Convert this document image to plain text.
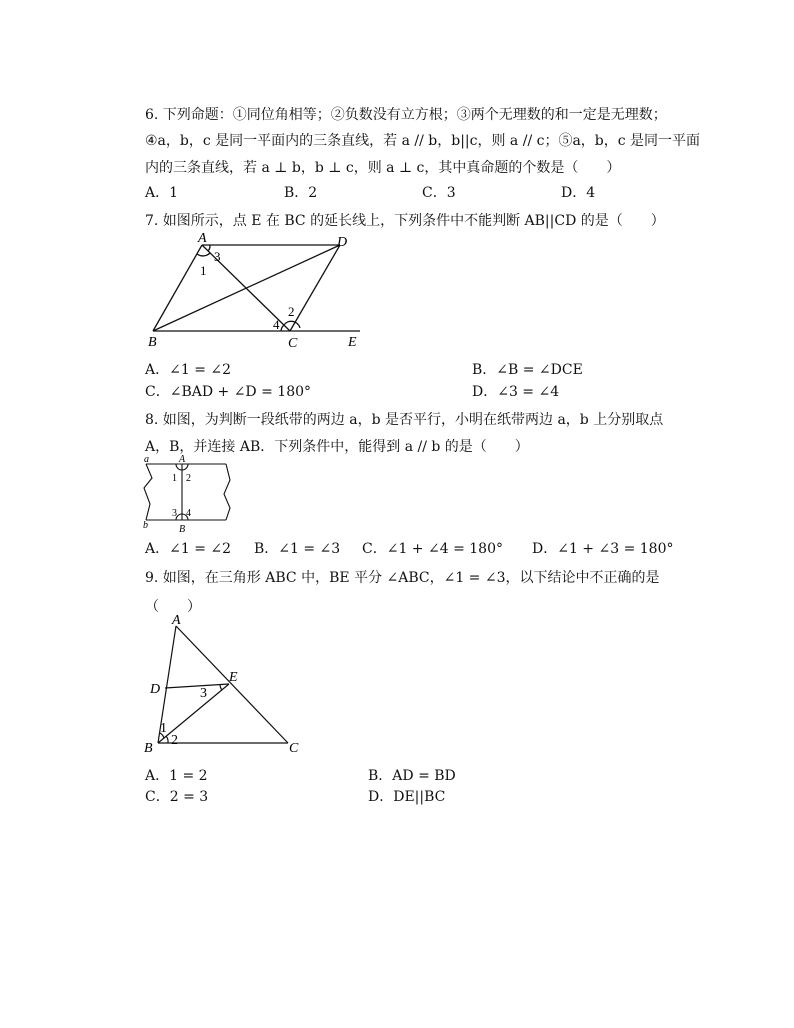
6. 下列命题：①同位角相等；②负数没有立方根；③两个无理数的和一定是无理数；
④a，b，c 是同一平面内的三条直线，若 a // b，b||c，则 a // c；⑤a，b，c 是同一平面
内的三条直线，若 a ⊥ b，b ⊥ c，则 a ⊥ c，其中真命题的个数是（　　）
A．1	B．2	C．3	D．4
7. 如图所示，点 E 在 BC 的延长线上，下列条件中不能判断 AB||CD 的是（　　）
A	D
B	C	E
1
3
2
4
A．∠1 = ∠2	B．∠B = ∠DCE
C．∠BAD + ∠D = 180°	D．∠3 = ∠4
8. 如图，为判断一段纸带的两边 a，b 是否平行，小明在纸带两边 a，b 上分别取点
A，B，并连接 AB．下列条件中，能得到 a // b 的是（　　）
a
b
A
B
1 2
3 4
A．∠1 = ∠2 B．∠1 = ∠3 C．∠1 + ∠4 = 180° D．∠1 + ∠3 = 180°
9. 如图，在三角形 ABC 中，BE 平分 ∠ABC，∠1 = ∠3，以下结论中不正确的是
（　　）
A
D
E
B	C
1
2
3
A．1 = 2	B．AD = BD
C．2 = 3	D．DE||BC
